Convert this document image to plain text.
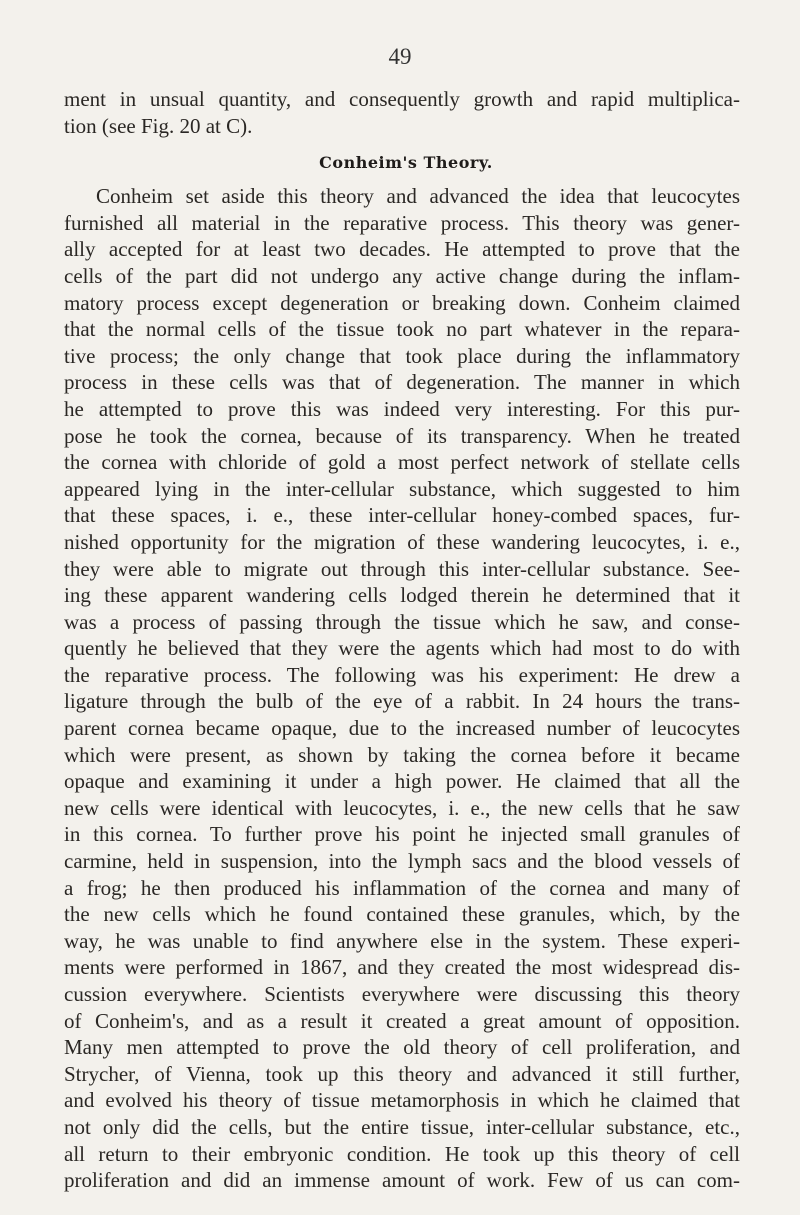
49
ment in unsual quantity, and consequently growth and rapid multiplica-
tion (see Fig. 20 at C).
Conheim's Theory.
Conheim set aside this theory and advanced the idea that leucocytes
furnished all material in the reparative process. This theory was gener-
ally accepted for at least two decades. He attempted to prove that the
cells of the part did not undergo any active change during the inflam-
matory process except degeneration or breaking down. Conheim claimed
that the normal cells of the tissue took no part whatever in the repara-
tive process; the only change that took place during the inflammatory
process in these cells was that of degeneration. The manner in which
he attempted to prove this was indeed very interesting. For this pur-
pose he took the cornea, because of its transparency. When he treated
the cornea with chloride of gold a most perfect network of stellate cells
appeared lying in the inter-cellular substance, which suggested to him
that these spaces, i. e., these inter-cellular honey-combed spaces, fur-
nished opportunity for the migration of these wandering leucocytes, i. e.,
they were able to migrate out through this inter-cellular substance. See-
ing these apparent wandering cells lodged therein he determined that it
was a process of passing through the tissue which he saw, and conse-
quently he believed that they were the agents which had most to do with
the reparative process. The following was his experiment: He drew a
ligature through the bulb of the eye of a rabbit. In 24 hours the trans-
parent cornea became opaque, due to the increased number of leucocytes
which were present, as shown by taking the cornea before it became
opaque and examining it under a high power. He claimed that all the
new cells were identical with leucocytes, i. e., the new cells that he saw
in this cornea. To further prove his point he injected small granules of
carmine, held in suspension, into the lymph sacs and the blood vessels of
a frog; he then produced his inflammation of the cornea and many of
the new cells which he found contained these granules, which, by the
way, he was unable to find anywhere else in the system. These experi-
ments were performed in 1867, and they created the most widespread dis-
cussion everywhere. Scientists everywhere were discussing this theory
of Conheim's, and as a result it created a great amount of opposition.
Many men attempted to prove the old theory of cell proliferation, and
Strycher, of Vienna, took up this theory and advanced it still further,
and evolved his theory of tissue metamorphosis in which he claimed that
not only did the cells, but the entire tissue, inter-cellular substance, etc.,
all return to their embryonic condition. He took up this theory of cell
proliferation and did an immense amount of work. Few of us can com-
